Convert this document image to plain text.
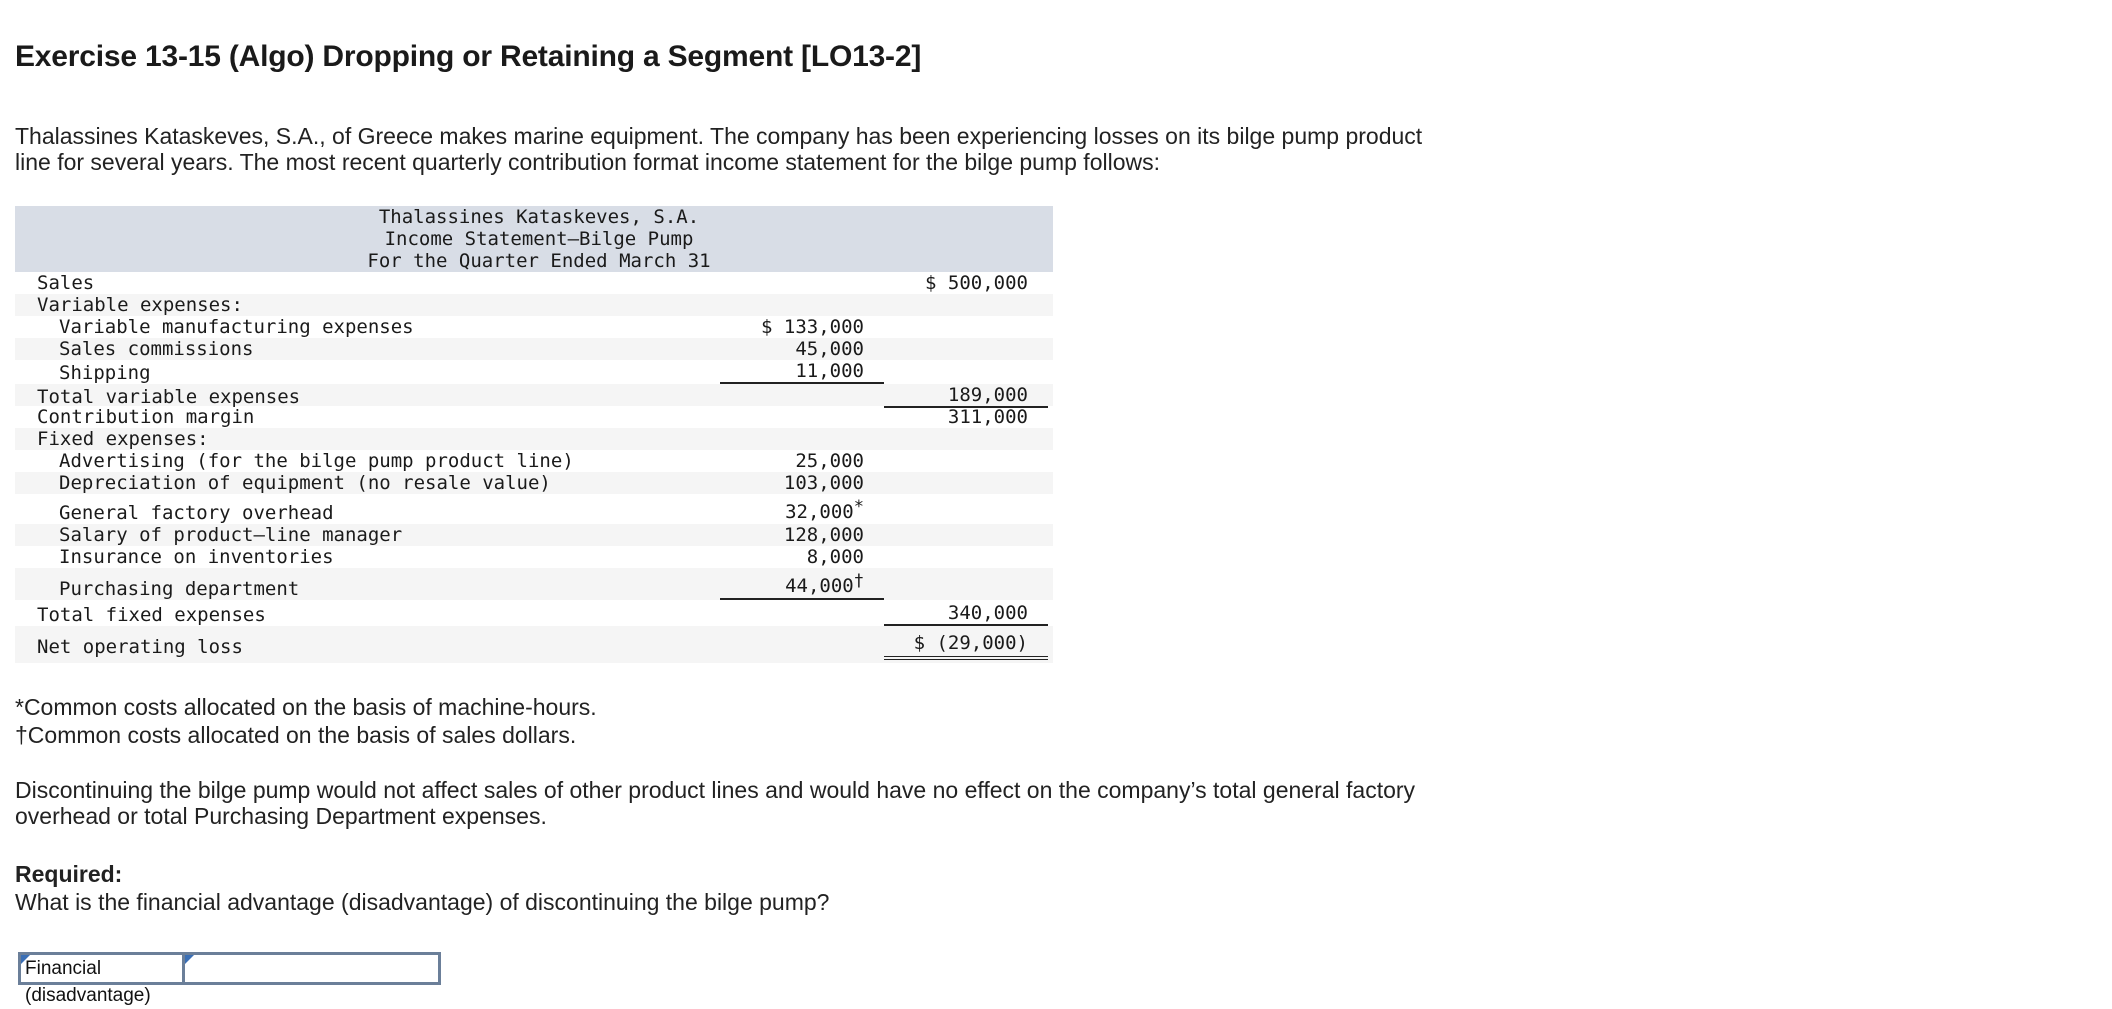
Exercise 13-15 (Algo) Dropping or Retaining a Segment [LO13-2]

Thalassines Kataskeves, S.A., of Greece makes marine equipment. The company has been experiencing losses on its bilge pump product line for several years. The most recent quarterly contribution format income statement for the bilge pump follows:

Thalassines Kataskeves, S.A.
Income Statement—Bilge Pump
For the Quarter Ended March 31
Sales	$ 500,000
Variable expenses:
Variable manufacturing expenses	$ 133,000
Sales commissions	45,000
Shipping	11,000
Total variable expenses	189,000
Contribution margin	311,000
Fixed expenses:
Advertising (for the bilge pump product line)	25,000
Depreciation of equipment (no resale value)	103,000
General factory overhead	32,000*
Salary of product–line manager	128,000
Insurance on inventories	8,000
Purchasing department	44,000†
Total fixed expenses	340,000
Net operating loss	$ (29,000)
*Common costs allocated on the basis of machine-hours.
†Common costs allocated on the basis of sales dollars.

Discontinuing the bilge pump would not affect sales of other product lines and would have no effect on the company’s total general factory overhead or total Purchasing Department expenses.

Required:
What is the financial advantage (disadvantage) of discontinuing the bilge pump?
Financial (disadvantage)
